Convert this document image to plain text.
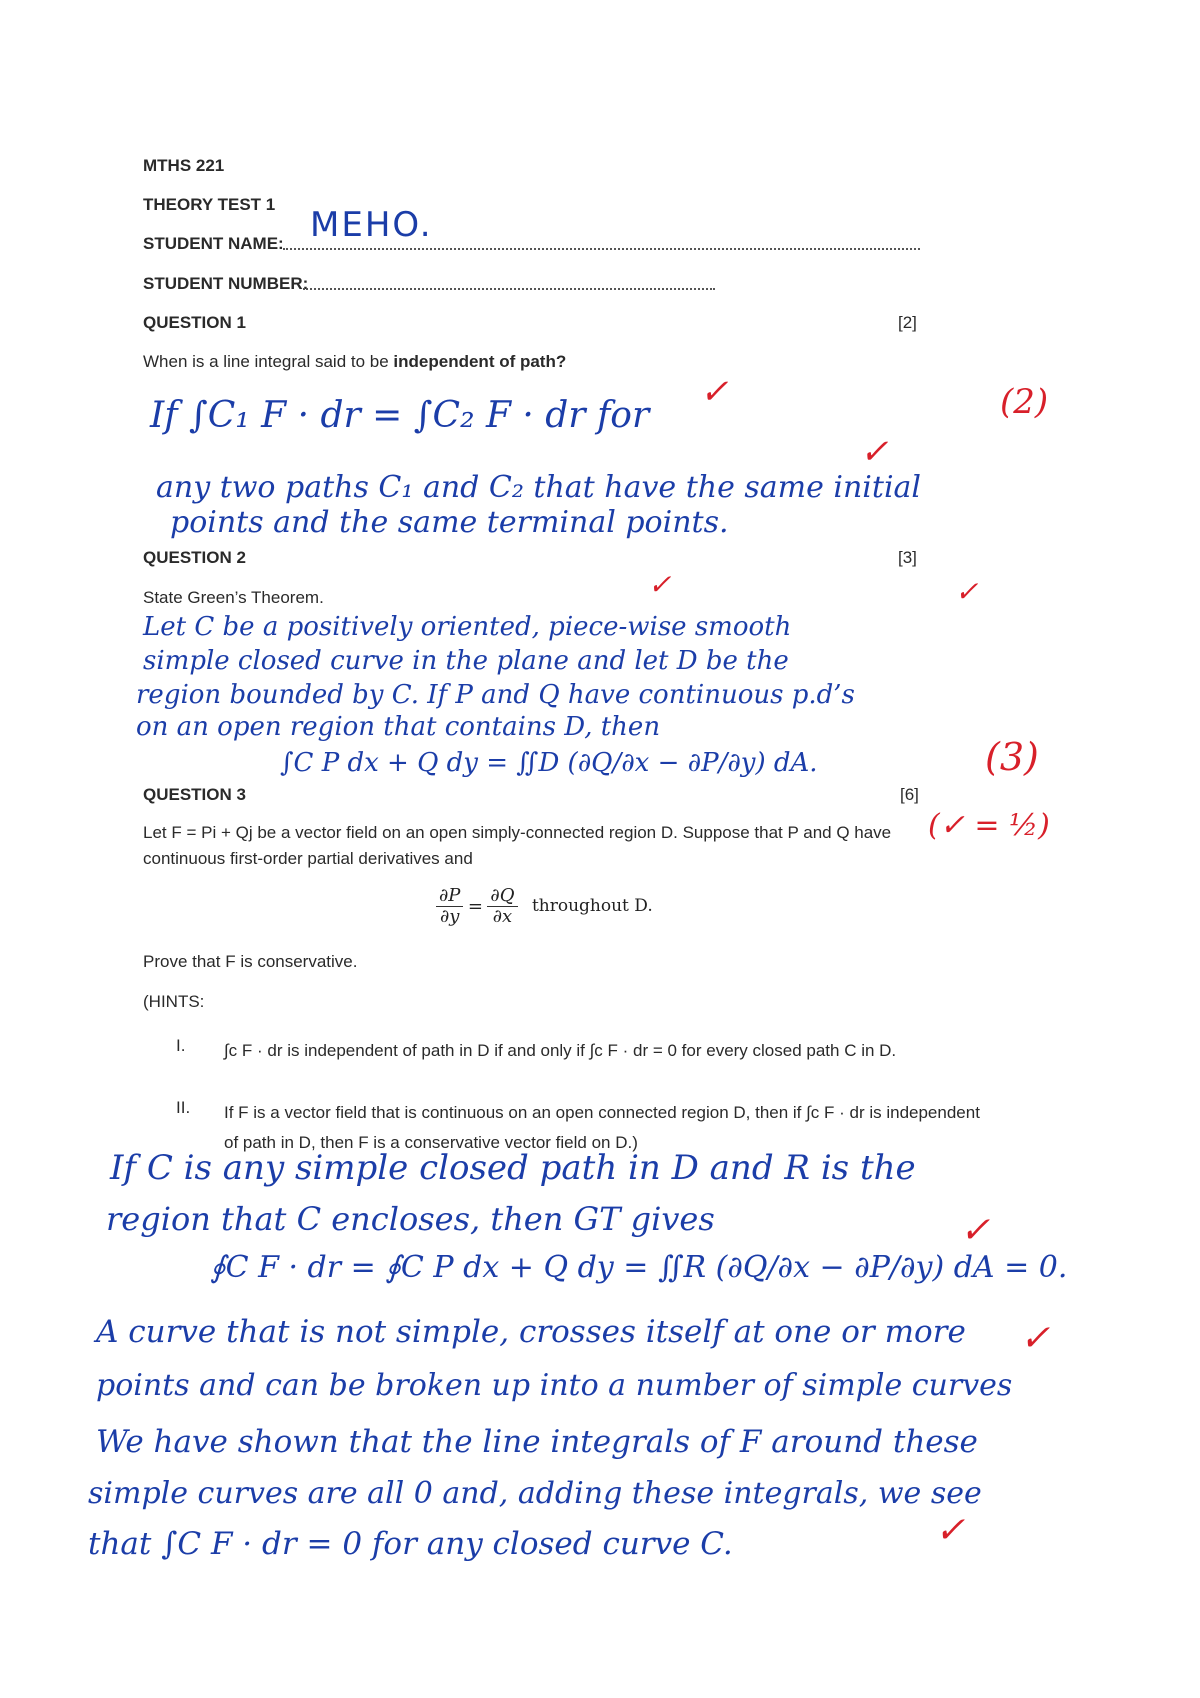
MTHS 221
THEORY TEST 1
STUDENT NAME: MEHO.
STUDENT NUMBER:
QUESTION 1	[2]
When is a line integral said to be independent of path?
If ∫C₁ F · dr = ∫C₂ F · dr for
any two paths C₁ and C₂ that have the same initial
points and the same terminal points.
(2)
✓
✓
QUESTION 2	[3]
State Green’s Theorem.
Let C be a positively oriented, piece-wise smooth
simple closed curve in the plane and let D be the
region bounded by C. If P and Q have continuous p.d’s
on an open region that contains D, then
∫C P dx + Q dy = ∬D (∂Q/∂x − ∂P/∂y) dA.	(3)
(✓ = ½)
✓	✓
QUESTION 3	[6]
Let F = Pi + Qj be a vector field on an open simply-connected region D. Suppose that P and Q have
continuous first-order partial derivatives and
$\frac{\partial P}{\partial y} = \frac{\partial Q}{\partial x}$ throughout D.
Prove that F is conservative.
(HINTS:
I. ∫c F · dr is independent of path in D if and only if ∫c F · dr = 0 for every closed path C in D.
II. If F is a vector field that is continuous on an open connected region D, then if ∫c F · dr is independent of path in D, then F is a conservative vector field on D.)
If C is any simple closed path in D and R is the
region that C encloses, then GT gives
∮C F · dr = ∮C P dx + Q dy = ∬R (∂Q/∂x − ∂P/∂y) dA = 0.
A curve that is not simple, crosses itself at one or more
points and can be broken up into a number of simple curves
We have shown that the line integrals of F around these
simple curves are all 0 and, adding these integrals, we see
that ∫C F · dr = 0 for any closed curve C.
✓
✓
✓
